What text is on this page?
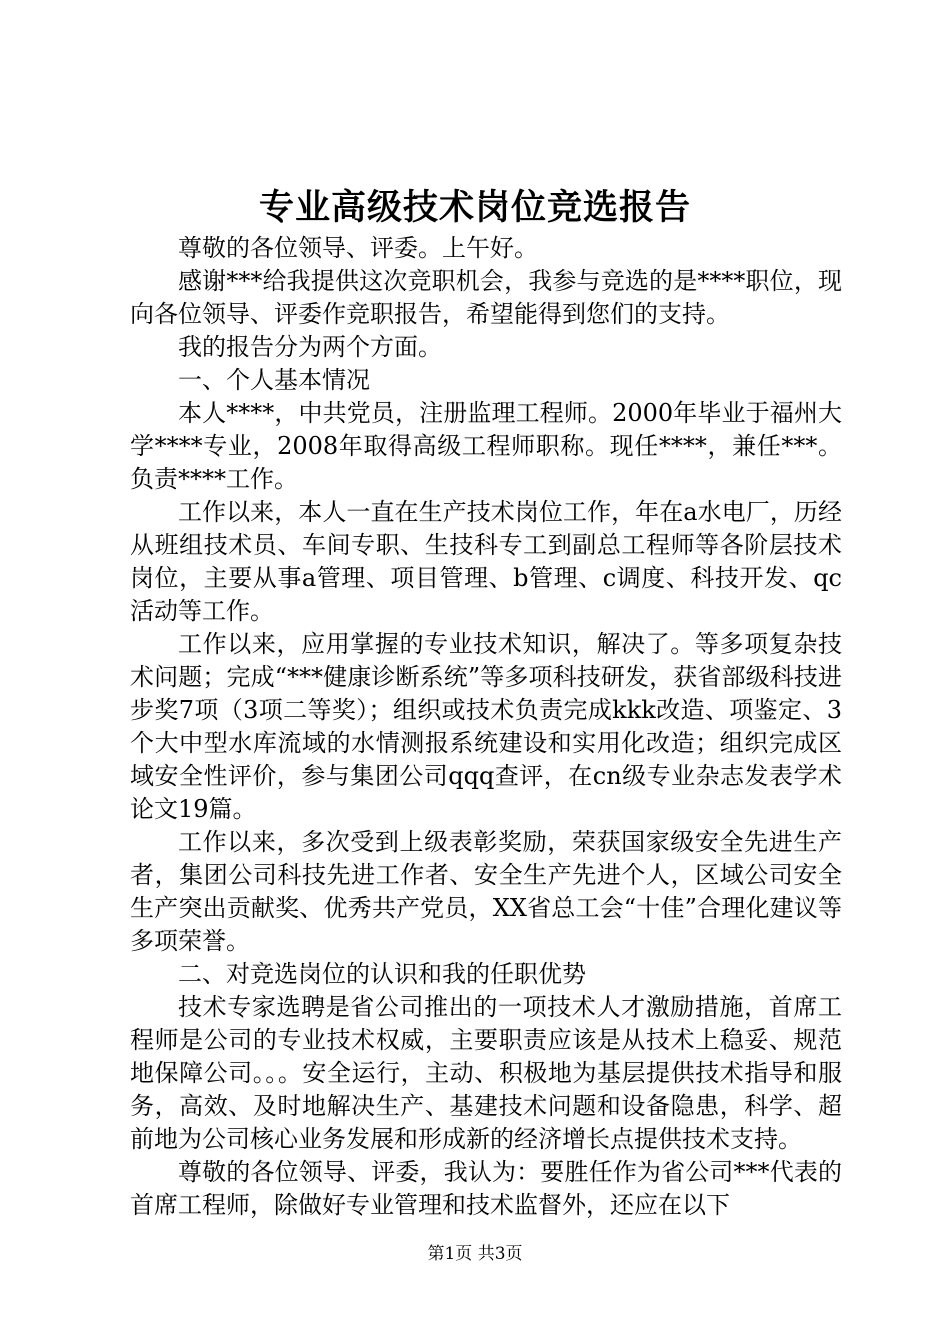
专业高级技术岗位竞选报告

尊敬的各位领导、评委。上午好。

感谢***给我提供这次竞职机会，我参与竞选的是****职位，现向各位领导、评委作竞职报告，希望能得到您们的支持。

我的报告分为两个方面。

一、个人基本情况

本人****，中共党员，注册监理工程师。2000年毕业于福州大学****专业，2008年取得高级工程师职称。现任****，兼任***。负责****工作。

工作以来，本人一直在生产技术岗位工作，年在a水电厂，历经从班组技术员、车间专职、生技科专工到副总工程师等各阶层技术岗位，主要从事a管理、项目管理、b管理、c调度、科技开发、qc活动等工作。

工作以来，应用掌握的专业技术知识，解决了。等多项复杂技术问题；完成“***健康诊断系统”等多项科技研发，获省部级科技进步奖7项（3项二等奖）；组织或技术负责完成kkk改造、项鉴定、3个大中型水库流域的水情测报系统建设和实用化改造；组织完成区域安全性评价，参与集团公司qqq查评，在cn级专业杂志发表学术论文19篇。

工作以来，多次受到上级表彰奖励，荣获国家级安全先进生产者，集团公司科技先进工作者、安全生产先进个人，区域公司安全生产突出贡献奖、优秀共产党员，XX省总工会“十佳”合理化建议等多项荣誉。

二、对竞选岗位的认识和我的任职优势

技术专家选聘是省公司推出的一项技术人才激励措施，首席工程师是公司的专业技术权威，主要职责应该是从技术上稳妥、规范地保障公司。。。安全运行，主动、积极地为基层提供技术指导和服务，高效、及时地解决生产、基建技术问题和设备隐患，科学、超前地为公司核心业务发展和形成新的经济增长点提供技术支持。

尊敬的各位领导、评委，我认为：要胜任作为省公司***代表的首席工程师，除做好专业管理和技术监督外，还应在以下

第1页 共3页
